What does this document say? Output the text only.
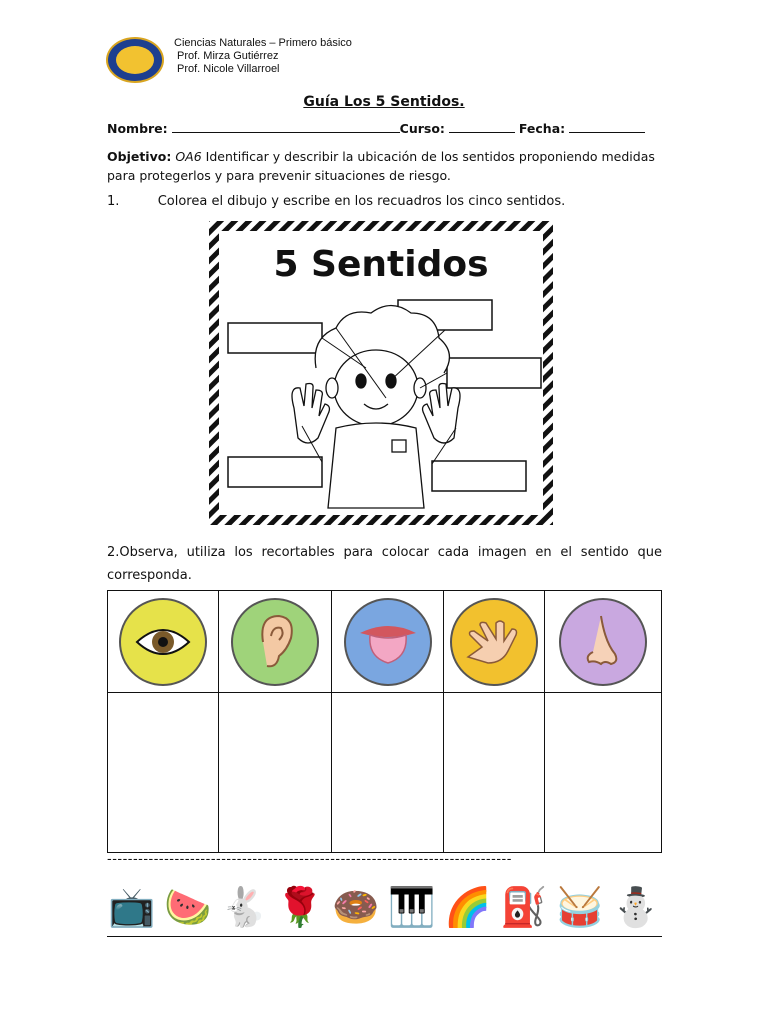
Ciencias Naturales – Primero básico
Prof. Mirza Gutiérrez
Prof. Nicole Villarroel
Guía Los 5 Sentidos.
Nombre:	Curso:	Fecha:
Objetivo: OA6 Identificar y describir la ubicación de los sentidos proponiendo medidas para protegerlos y para prevenir situaciones de riesgo.
1.	Colorea el dibujo y escribe en los recuadros los cinco sentidos.
5 Sentidos
2.Observa, utiliza los recortables para colocar cada imagen en el sentido que corresponda.

------------------------------------------------------------------------------
📺 🍉 🐇 🌹 🍩 🎹 🌈 ⛽ 🥁 ⛄
